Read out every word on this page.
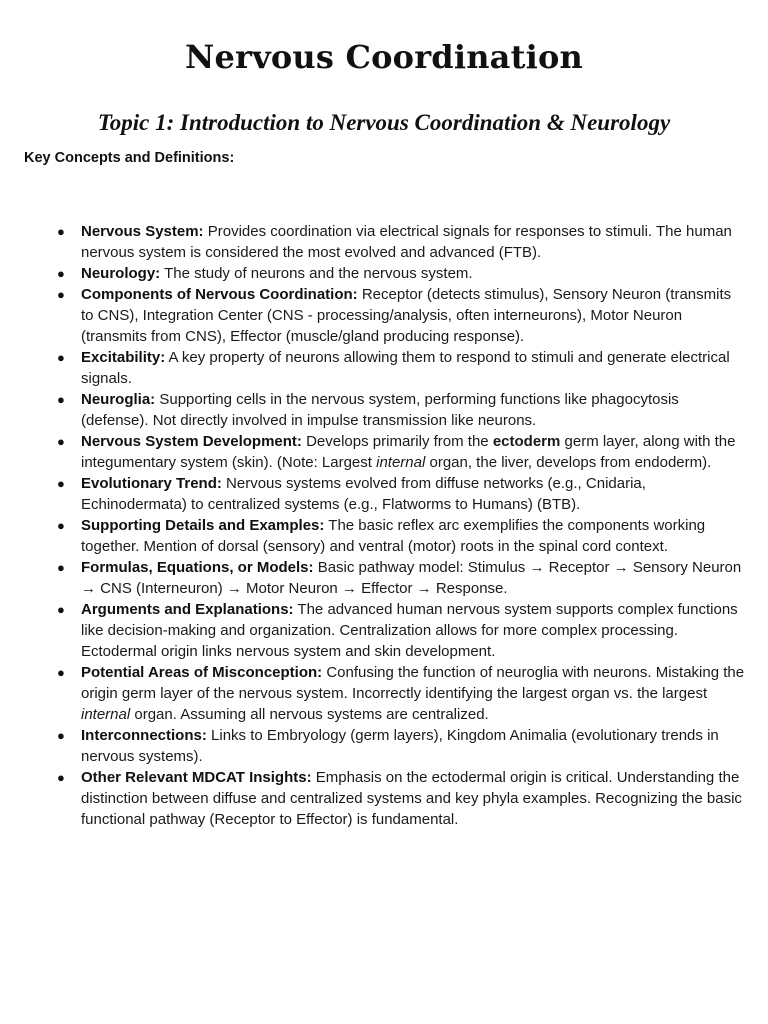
Nervous Coordination
Topic 1: Introduction to Nervous Coordination & Neurology

Key Concepts and Definitions:

● Nervous System: Provides coordination via electrical signals for responses to stimuli. The human nervous system is considered the most evolved and advanced (FTB).
● Neurology: The study of neurons and the nervous system.
● Components of Nervous Coordination: Receptor (detects stimulus), Sensory Neuron (transmits to CNS), Integration Center (CNS - processing/analysis, often interneurons), Motor Neuron (transmits from CNS), Effector (muscle/gland producing response).
● Excitability: A key property of neurons allowing them to respond to stimuli and generate electrical signals.
● Neuroglia: Supporting cells in the nervous system, performing functions like phagocytosis (defense). Not directly involved in impulse transmission like neurons.
● Nervous System Development: Develops primarily from the ectoderm germ layer, along with the integumentary system (skin). (Note: Largest internal organ, the liver, develops from endoderm).
● Evolutionary Trend: Nervous systems evolved from diffuse networks (e.g., Cnidaria, Echinodermata) to centralized systems (e.g., Flatworms to Humans) (BTB).
● Supporting Details and Examples: The basic reflex arc exemplifies the components working together. Mention of dorsal (sensory) and ventral (motor) roots in the spinal cord context.
● Formulas, Equations, or Models: Basic pathway model: Stimulus → Receptor → Sensory Neuron → CNS (Interneuron) → Motor Neuron → Effector → Response.
● Arguments and Explanations: The advanced human nervous system supports complex functions like decision-making and organization. Centralization allows for more complex processing. Ectodermal origin links nervous system and skin development.
● Potential Areas of Misconception: Confusing the function of neuroglia with neurons. Mistaking the origin germ layer of the nervous system. Incorrectly identifying the largest organ vs. the largest internal organ. Assuming all nervous systems are centralized.
● Interconnections: Links to Embryology (germ layers), Kingdom Animalia (evolutionary trends in nervous systems).
● Other Relevant MDCAT Insights: Emphasis on the ectodermal origin is critical. Understanding the distinction between diffuse and centralized systems and key phyla examples. Recognizing the basic functional pathway (Receptor to Effector) is fundamental.
